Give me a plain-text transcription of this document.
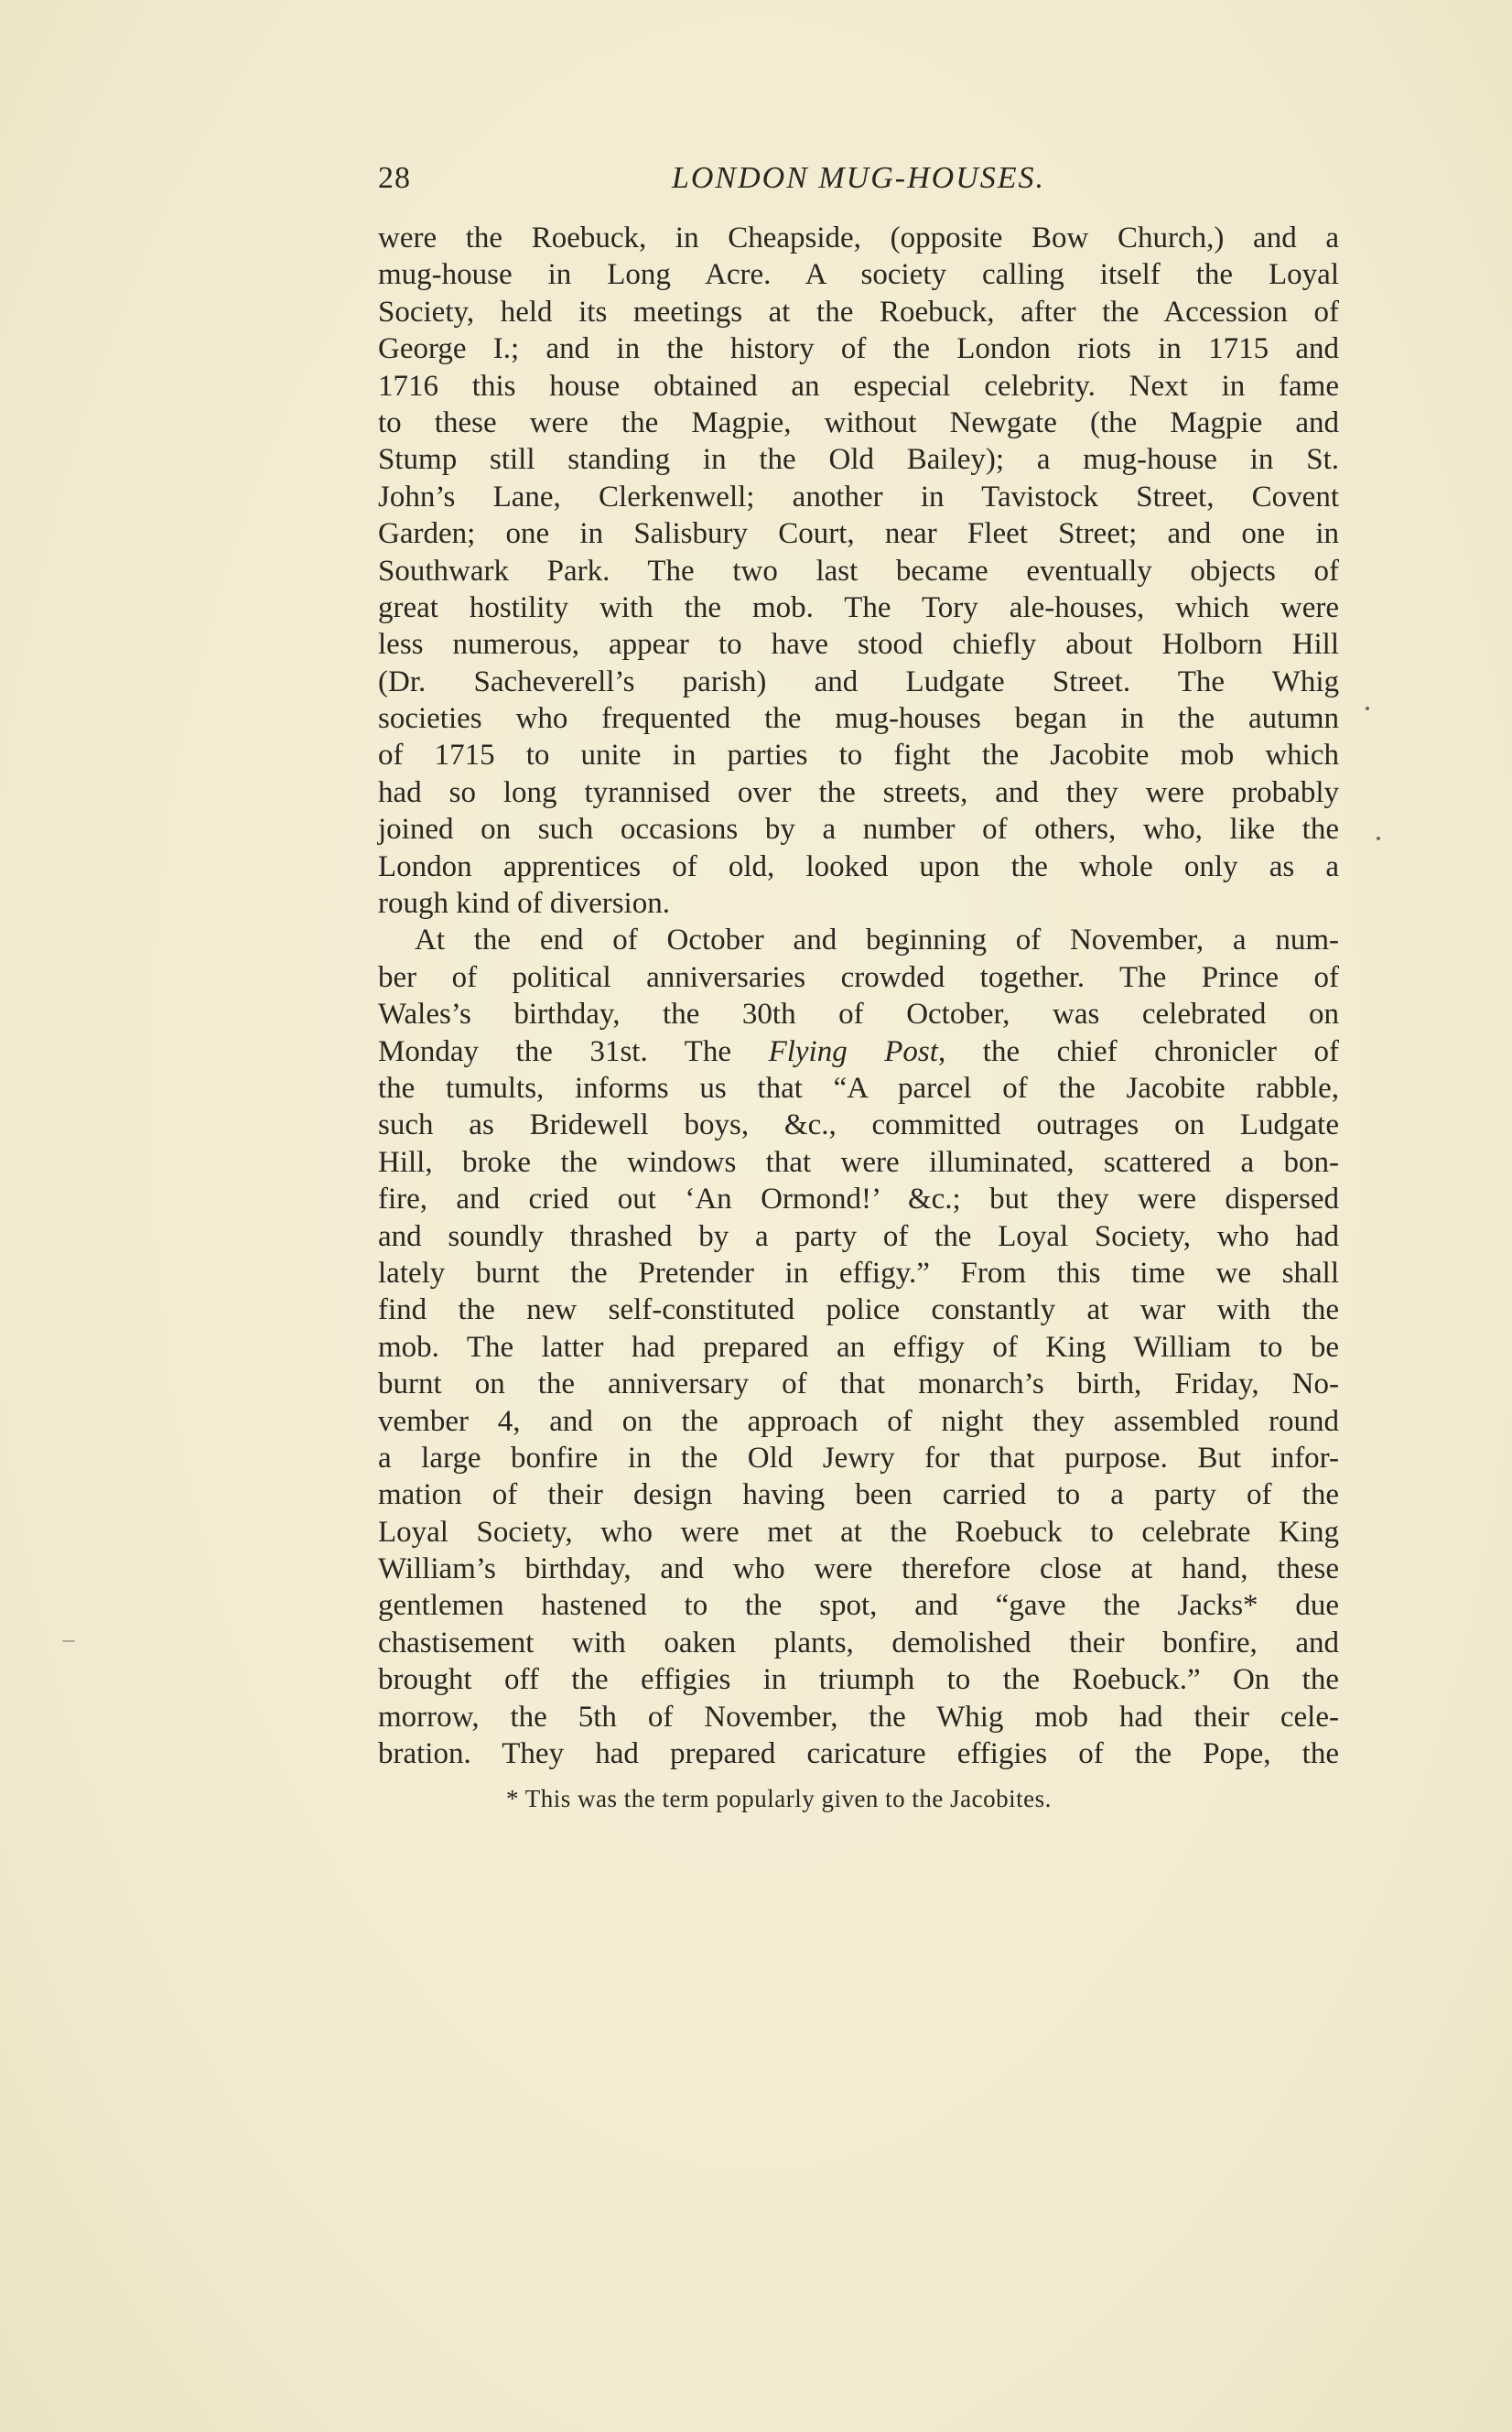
28	LONDON MUG-HOUSES.
were the Roebuck, in Cheapside, (opposite Bow Church,) and a
mug-house in Long Acre. A society calling itself the Loyal
Society, held its meetings at the Roebuck, after the Accession of
George I.; and in the history of the London riots in 1715 and
1716 this house obtained an especial celebrity. Next in fame
to these were the Magpie, without Newgate (the Magpie and
Stump still standing in the Old Bailey); a mug-house in St.
John’s Lane, Clerkenwell; another in Tavistock Street, Covent
Garden; one in Salisbury Court, near Fleet Street; and one in
Southwark Park. The two last became eventually objects of
great hostility with the mob. The Tory ale-houses, which were
less numerous, appear to have stood chiefly about Holborn Hill
(Dr. Sacheverell’s parish) and Ludgate Street. The Whig
societies who frequented the mug-houses began in the autumn
of 1715 to unite in parties to fight the Jacobite mob which
had so long tyrannised over the streets, and they were probably
joined on such occasions by a number of others, who, like the
London apprentices of old, looked upon the whole only as a
rough kind of diversion.
At the end of October and beginning of November, a num-
ber of political anniversaries crowded together. The Prince of
Wales’s birthday, the 30th of October, was celebrated on
Monday the 31st. The Flying Post, the chief chronicler of
the tumults, informs us that “A parcel of the Jacobite rabble,
such as Bridewell boys, &c., committed outrages on Ludgate
Hill, broke the windows that were illuminated, scattered a bon-
fire, and cried out ‘An Ormond!’ &c.; but they were dispersed
and soundly thrashed by a party of the Loyal Society, who had
lately burnt the Pretender in effigy.” From this time we shall
find the new self-constituted police constantly at war with the
mob. The latter had prepared an effigy of King William to be
burnt on the anniversary of that monarch’s birth, Friday, No-
vember 4, and on the approach of night they assembled round
a large bonfire in the Old Jewry for that purpose. But infor-
mation of their design having been carried to a party of the
Loyal Society, who were met at the Roebuck to celebrate King
William’s birthday, and who were therefore close at hand, these
gentlemen hastened to the spot, and “gave the Jacks* due
chastisement with oaken plants, demolished their bonfire, and
brought off the effigies in triumph to the Roebuck.” On the
morrow, the 5th of November, the Whig mob had their cele-
bration. They had prepared caricature effigies of the Pope, the
* This was the term popularly given to the Jacobites.
